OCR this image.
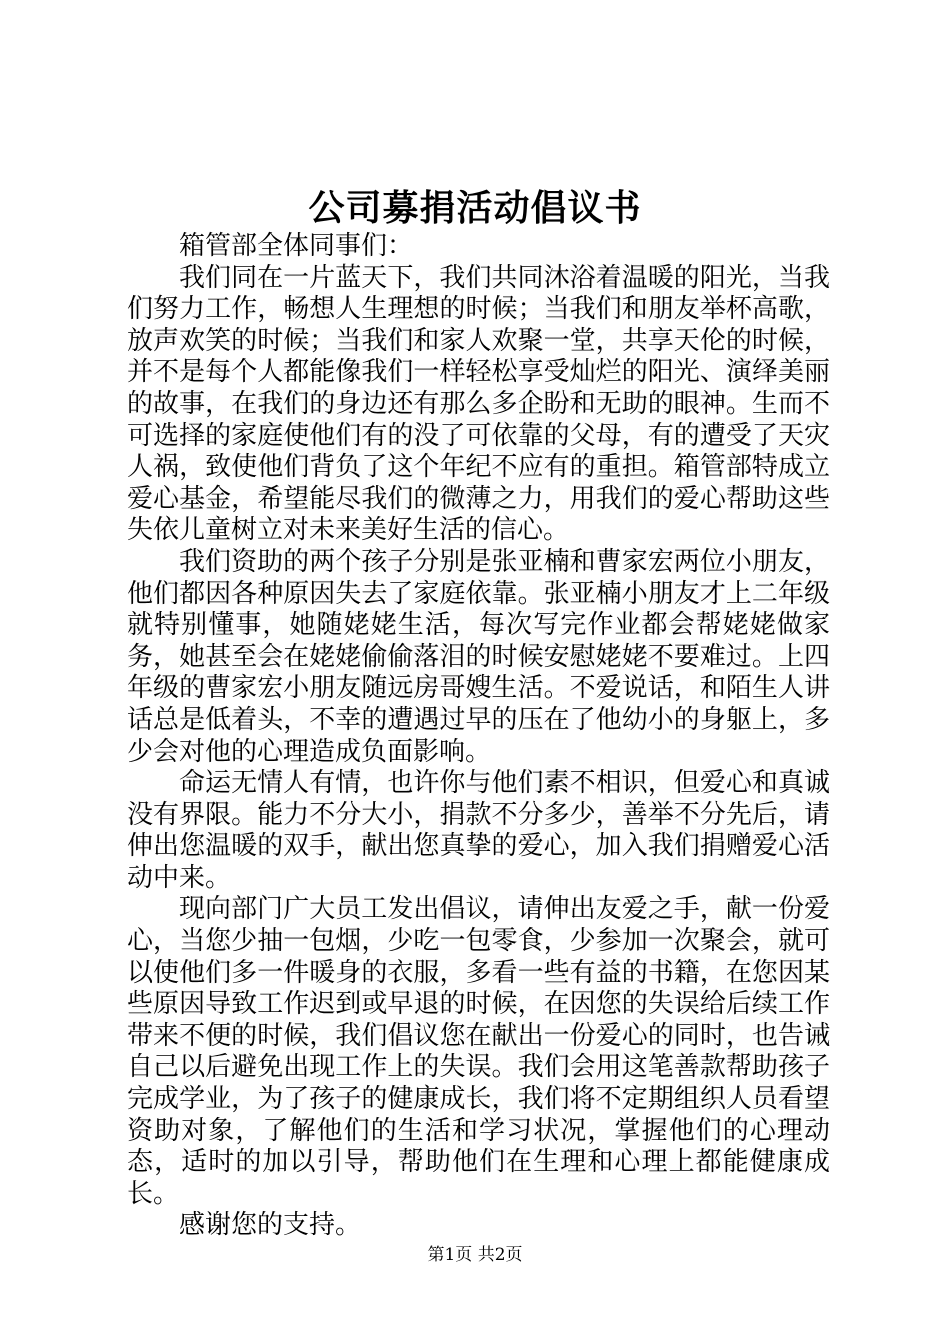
公司募捐活动倡议书

箱管部全体同事们：

我们同在一片蓝天下，我们共同沐浴着温暖的阳光，当我们努力工作，畅想人生理想的时候；当我们和朋友举杯高歌，放声欢笑的时候；当我们和家人欢聚一堂，共享天伦的时候，并不是每个人都能像我们一样轻松享受灿烂的阳光、演绎美丽的故事，在我们的身边还有那么多企盼和无助的眼神。生而不可选择的家庭使他们有的没了可依靠的父母，有的遭受了天灾人祸，致使他们背负了这个年纪不应有的重担。箱管部特成立爱心基金，希望能尽我们的微薄之力，用我们的爱心帮助这些失依儿童树立对未来美好生活的信心。

我们资助的两个孩子分别是张亚楠和曹家宏两位小朋友，他们都因各种原因失去了家庭依靠。张亚楠小朋友才上二年级就特别懂事，她随姥姥生活，每次写完作业都会帮姥姥做家务，她甚至会在姥姥偷偷落泪的时候安慰姥姥不要难过。上四年级的曹家宏小朋友随远房哥嫂生活。不爱说话，和陌生人讲话总是低着头，不幸的遭遇过早的压在了他幼小的身躯上，多少会对他的心理造成负面影响。

命运无情人有情，也许你与他们素不相识，但爱心和真诚没有界限。能力不分大小，捐款不分多少，善举不分先后，请伸出您温暖的双手，献出您真挚的爱心，加入我们捐赠爱心活动中来。

现向部门广大员工发出倡议，请伸出友爱之手，献一份爱心，当您少抽一包烟，少吃一包零食，少参加一次聚会，就可以使他们多一件暖身的衣服，多看一些有益的书籍，在您因某些原因导致工作迟到或早退的时候，在因您的失误给后续工作带来不便的时候，我们倡议您在献出一份爱心的同时，也告诫自己以后避免出现工作上的失误。我们会用这笔善款帮助孩子完成学业，为了孩子的健康成长，我们将不定期组织人员看望资助对象，了解他们的生活和学习状况，掌握他们的心理动态，适时的加以引导，帮助他们在生理和心理上都能健康成长。

感谢您的支持。

第1页 共2页
